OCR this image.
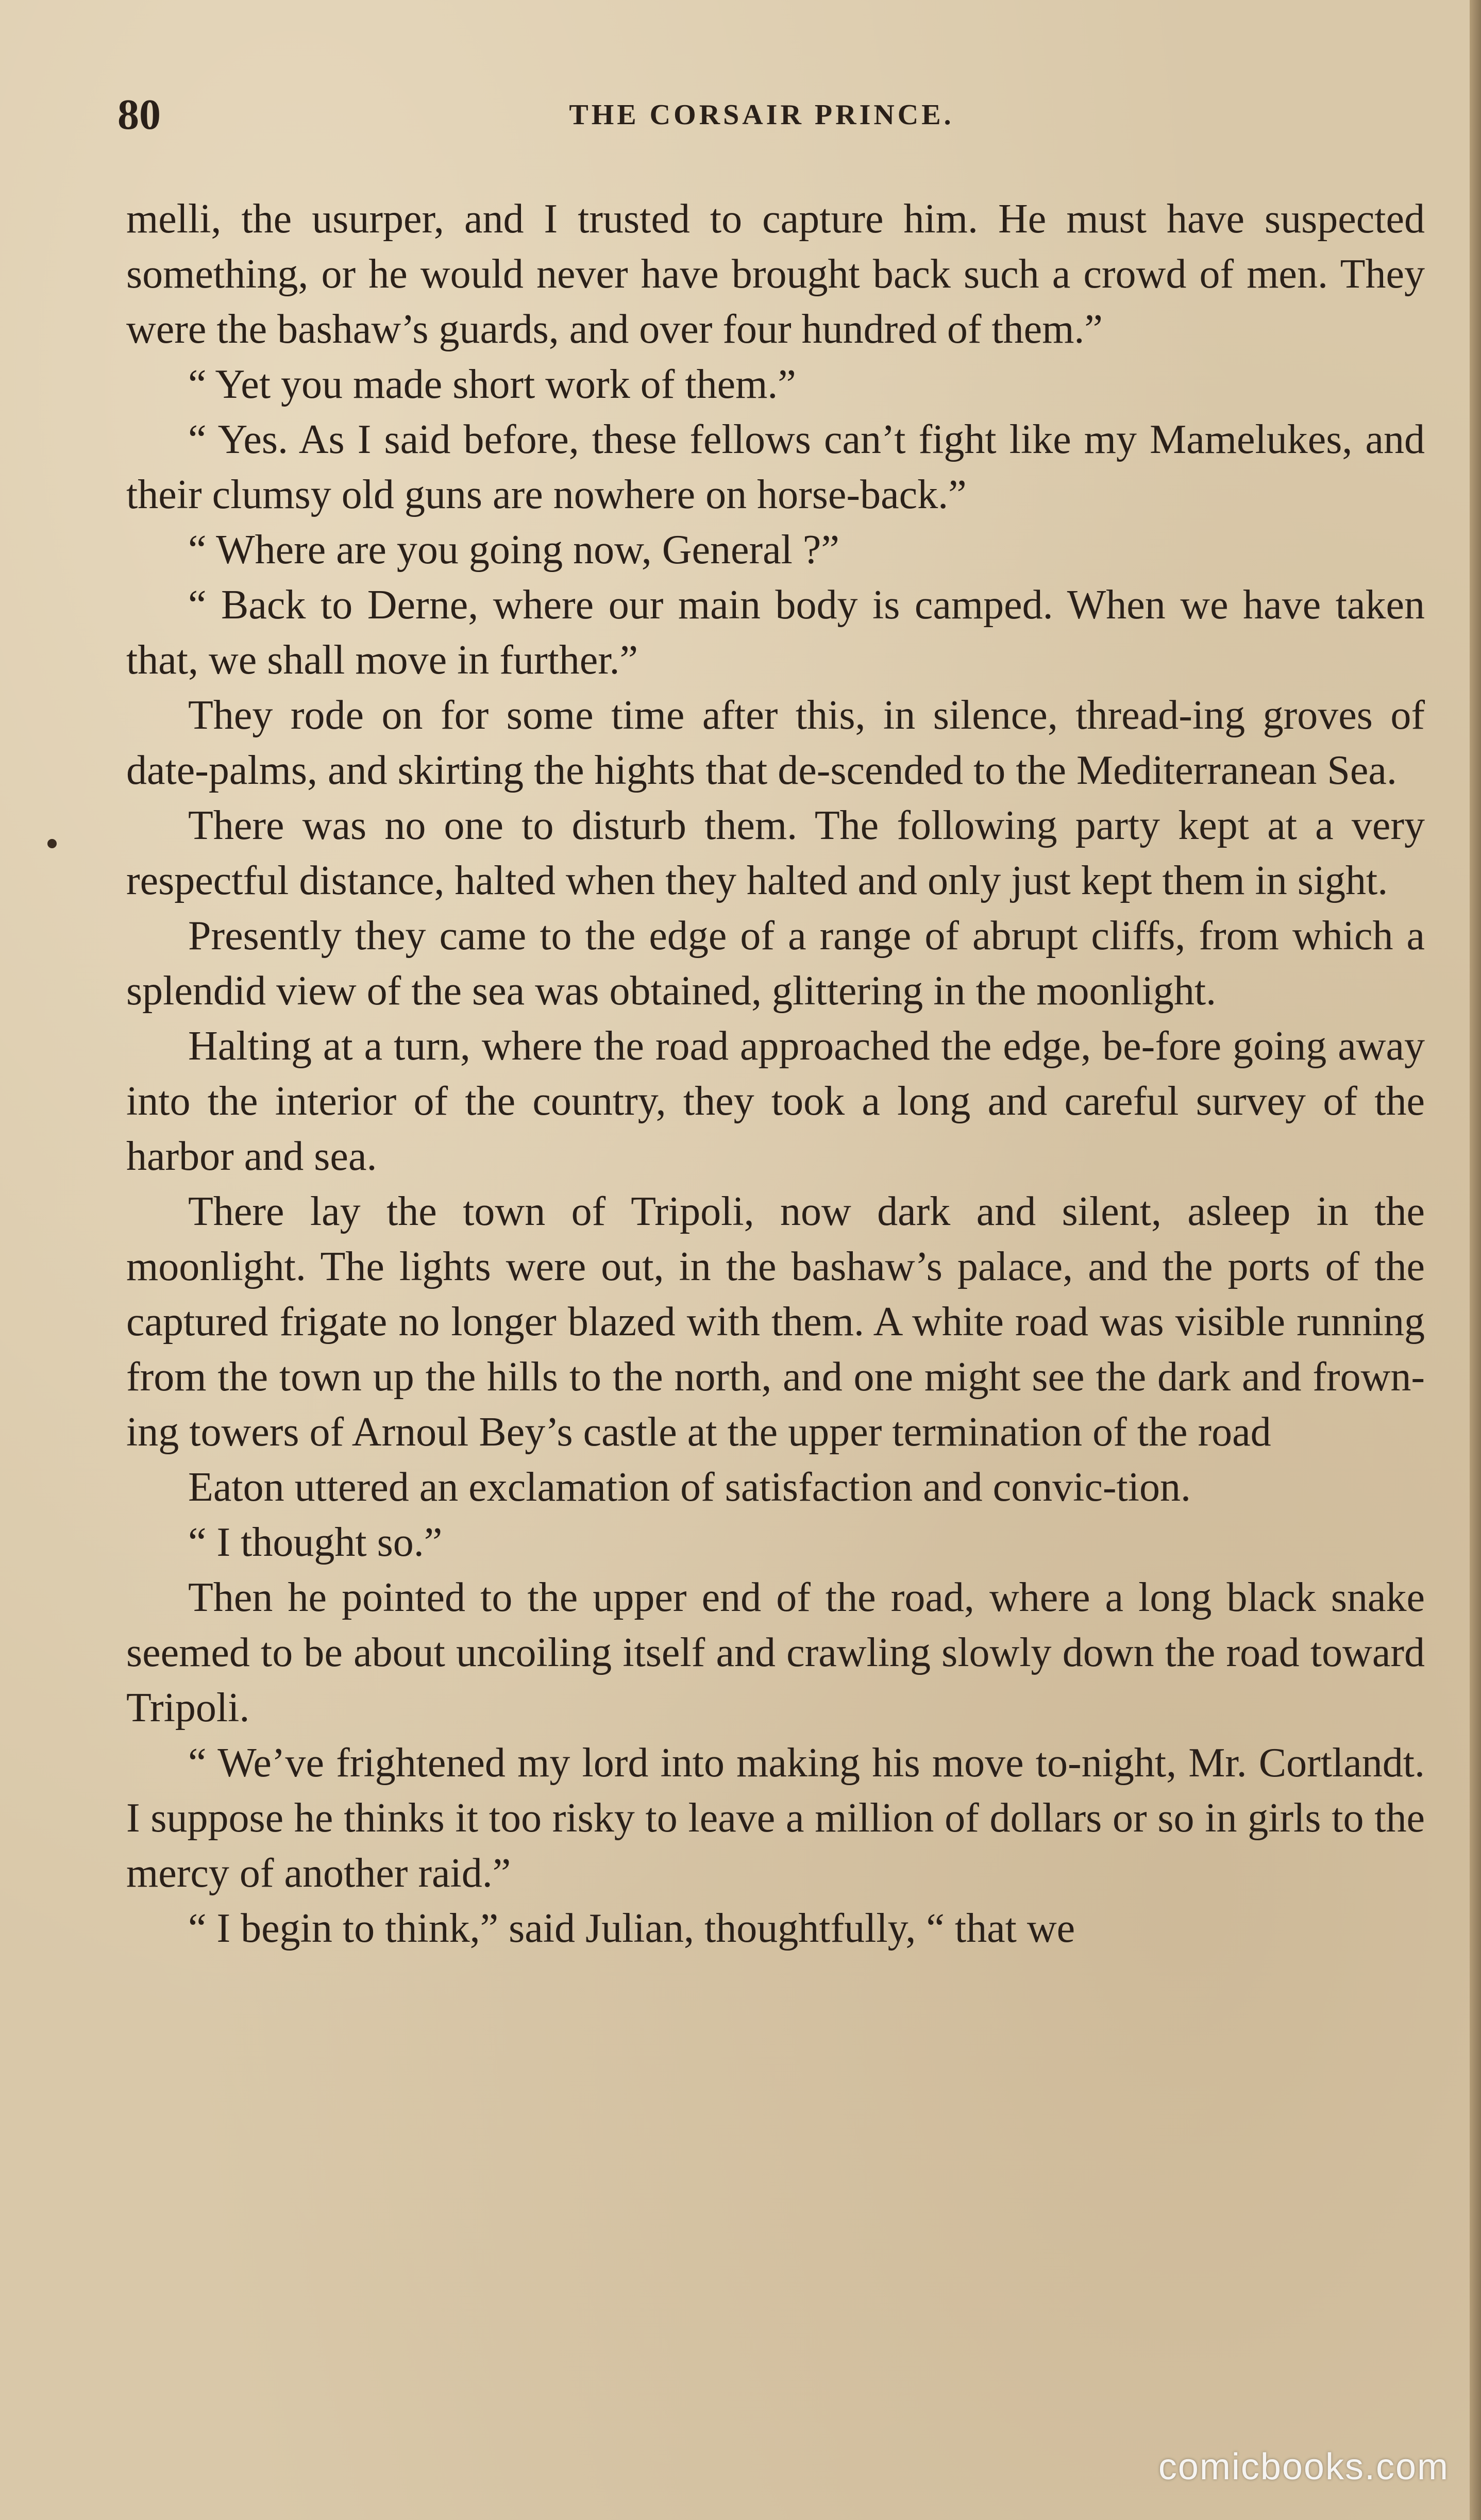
80	THE CORSAIR PRINCE.

melli, the usurper, and I trusted to capture him. He must have suspected something, or he would never have brought back such a crowd of men. They were the bashaw’s guards, and over four hundred of them.”

“ Yet you made short work of them.”

“ Yes. As I said before, these fellows can’t fight like my Mamelukes, and their clumsy old guns are nowhere on horse-back.”

“ Where are you going now, General ?”

“ Back to Derne, where our main body is camped. When we have taken that, we shall move in further.”

They rode on for some time after this, in silence, thread-ing groves of date-palms, and skirting the hights that de-scended to the Mediterranean Sea.

There was no one to disturb them. The following party kept at a very respectful distance, halted when they halted and only just kept them in sight.

Presently they came to the edge of a range of abrupt cliffs, from which a splendid view of the sea was obtained, glittering in the moonlight.

Halting at a turn, where the road approached the edge, be-fore going away into the interior of the country, they took a long and careful survey of the harbor and sea.

There lay the town of Tripoli, now dark and silent, asleep in the moonlight. The lights were out, in the bashaw’s palace, and the ports of the captured frigate no longer blazed with them. A white road was visible running from the town up the hills to the north, and one might see the dark and frown-ing towers of Arnoul Bey’s castle at the upper termination of the road

Eaton uttered an exclamation of satisfaction and convic-tion.

“ I thought so.”

Then he pointed to the upper end of the road, where a long black snake seemed to be about uncoiling itself and crawling slowly down the road toward Tripoli.

“ We’ve frightened my lord into making his move to-night, Mr. Cortlandt. I suppose he thinks it too risky to leave a million of dollars or so in girls to the mercy of another raid.”

“ I begin to think,” said Julian, thoughtfully, “ that we

comicbooks.com
